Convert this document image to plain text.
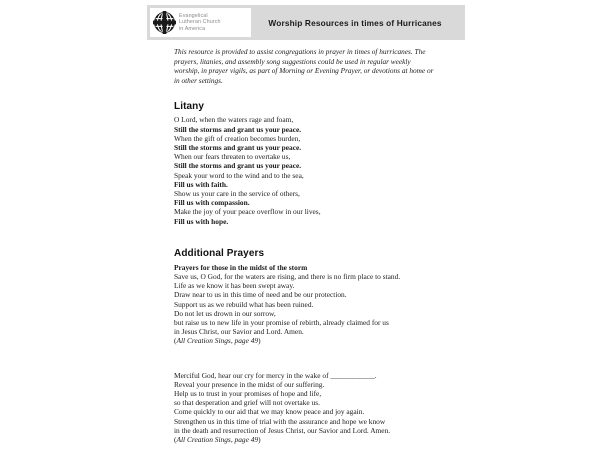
Evangelical
Lutheran Church
in America
Worship Resources in times of Hurricanes

This resource is provided to assist congregations in prayer in times of hurricanes. The prayers, litanies, and assembly song suggestions could be used in regular weekly worship, in prayer vigils, as part of Morning or Evening Prayer, or devotions at home or in other settings.

Litany
O Lord, when the waters rage and foam,
Still the storms and grant us your peace.
When the gift of creation becomes burden,
Still the storms and grant us your peace.
When our fears threaten to overtake us,
Still the storms and grant us your peace.
Speak your word to the wind and to the sea,
Fill us with faith.
Show us your care in the service of others,
Fill us with compassion.
Make the joy of your peace overflow in our lives,
Fill us with hope.
Additional Prayers
Prayers for those in the midst of the storm
Save us, O God, for the waters are rising, and there is no firm place to stand.
Life as we know it has been swept away.
Draw near to us in this time of need and be our protection.
Support us as we rebuild what has been ruined.
Do not let us drown in our sorrow,
but raise us to new life in your promise of rebirth, already claimed for us
in Jesus Christ, our Savior and Lord. Amen.
(All Creation Sings, page 49)
Merciful God, hear our cry for mercy in the wake of ____________.
Reveal your presence in the midst of our suffering.
Help us to trust in your promises of hope and life,
so that desperation and grief will not overtake us.
Come quickly to our aid that we may know peace and joy again.
Strengthen us in this time of trial with the assurance and hope we know
in the death and resurrection of Jesus Christ, our Savior and Lord. Amen.
(All Creation Sings, page 49)
